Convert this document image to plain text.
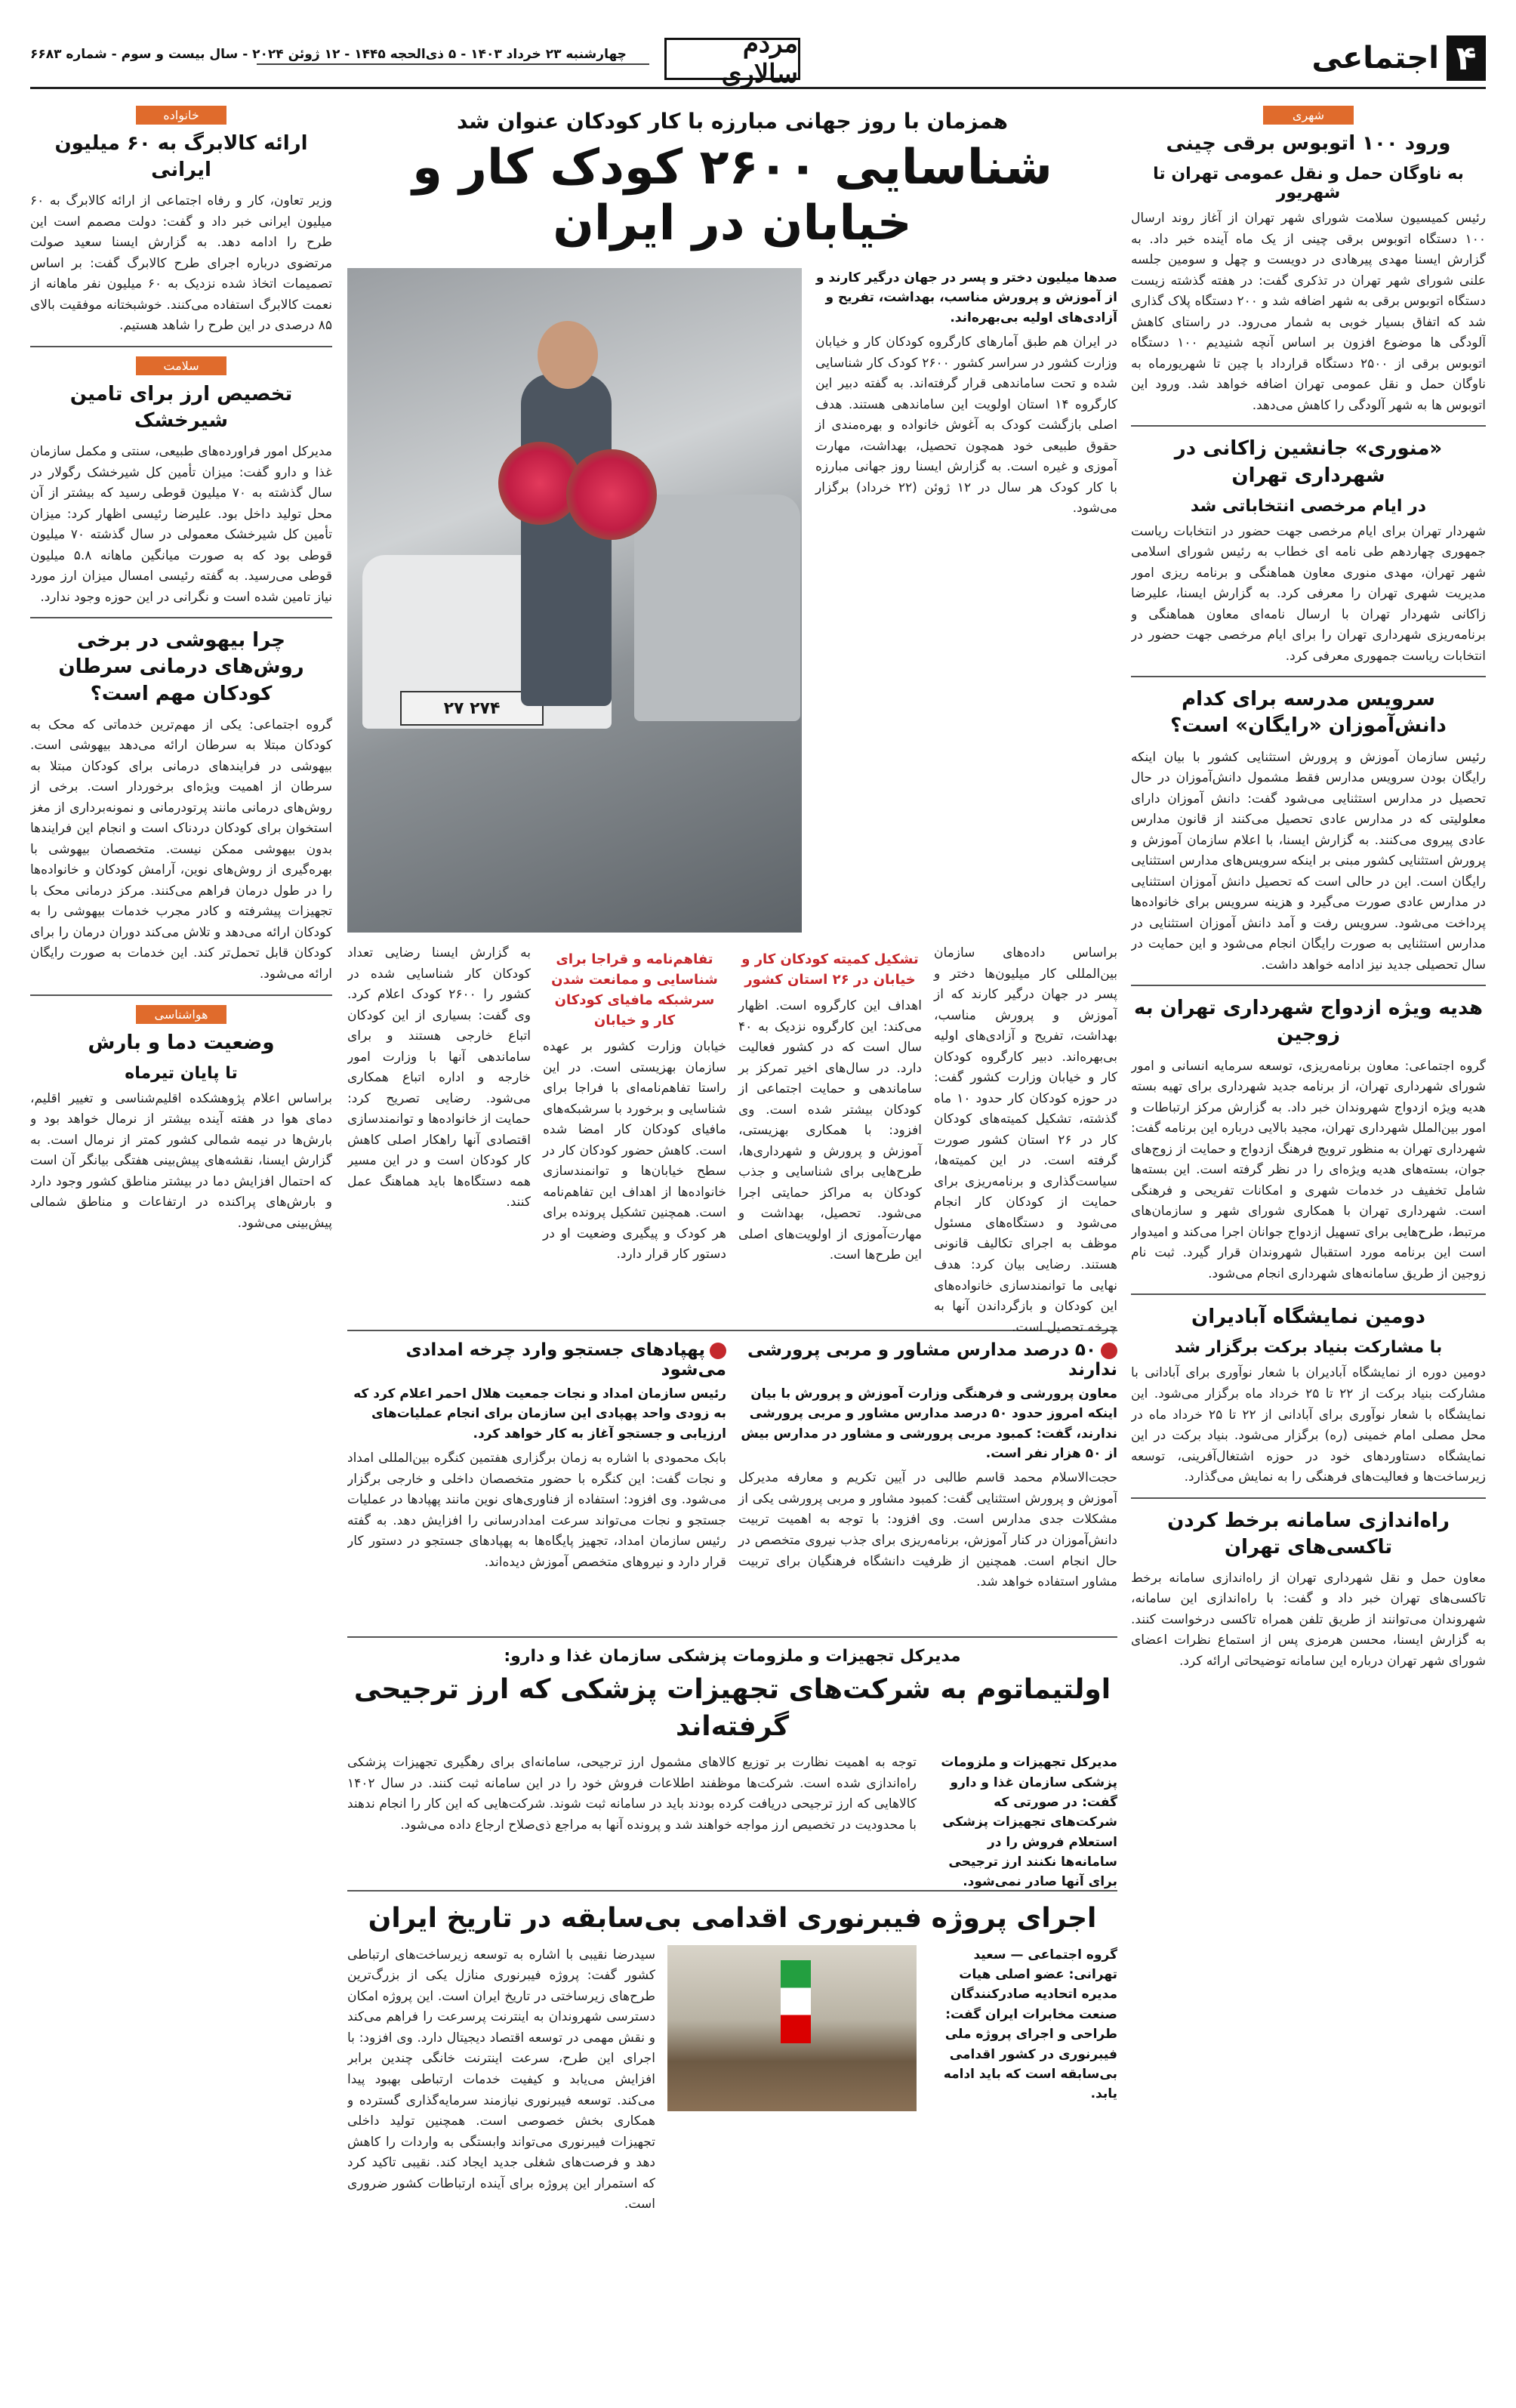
۴
اجتماعی
مردم سالاری
چهارشنبه ۲۳ خرداد ۱۴۰۳ - ۵ ذی‌الحجه ۱۴۴۵ - ۱۲ ژوئن ۲۰۲۴ - سال بیست و سوم - شماره ۶۶۸۳
شهری
ورود ۱۰۰ اتوبوس برقی چینی
به ناوگان حمل و نقل عمومی تهران تا شهریور
رئیس کمیسیون سلامت شورای شهر تهران از آغاز روند ارسال ۱۰۰ دستگاه اتوبوس برقی چینی از یک ماه آینده خبر داد. به گزارش ایسنا مهدی پیرهادی در دویست و چهل و سومین جلسه علنی شورای شهر تهران در تذکری گفت: در هفته گذشته زیست دستگاه اتوبوس برقی به شهر اضافه شد و ۲۰۰ دستگاه پلاک گذاری شد که اتفاق بسیار خوبی به شمار می‌رود. در راستای کاهش آلودگی ها موضوع افزون بر اساس آنچه شنیدیم ۱۰۰ دستگاه اتوبوس برقی از ۲۵۰۰ دستگاه قرارداد با چین تا شهریورماه به ناوگان حمل و نقل عمومی تهران اضافه خواهد شد. ورود این اتوبوس ها به شهر آلودگی را کاهش می‌دهد.
«منوری» جانشین زاکانی در شهرداری تهران
در ایام مرخصی انتخاباتی شد
شهردار تهران برای ایام مرخصی جهت حضور در انتخابات ریاست جمهوری چهاردهم طی نامه ای خطاب به رئیس شورای اسلامی شهر تهران، مهدی منوری معاون هماهنگی و برنامه ریزی امور مدیریت شهری تهران را معرفی کرد. به گزارش ایسنا، علیرضا زاکانی شهردار تهران با ارسال نامه‌ای معاون هماهنگی و برنامه‌ریزی شهرداری تهران را برای ایام مرخصی جهت حضور در انتخابات ریاست جمهوری معرفی کرد.
سرویس مدرسه برای کدام دانش‌آموزان «رایگان» است؟
رئیس سازمان آموزش و پرورش استثنایی کشور با بیان اینکه رایگان بودن سرویس مدارس فقط مشمول دانش‌آموزان در حال تحصیل در مدارس استثنایی می‌شود گفت: دانش آموزان دارای معلولیتی که در مدارس عادی تحصیل می‌کنند از قانون مدارس عادی پیروی می‌کنند. به گزارش ایسنا، با اعلام سازمان آموزش و پرورش استثنایی کشور مبنی بر اینکه سرویس‌های مدارس استثنایی رایگان است. این در حالی است که تحصیل دانش آموزان استثنایی در مدارس عادی صورت می‌گیرد و هزینه سرویس برای خانواده‌ها پرداخت می‌شود. سرویس رفت و آمد دانش آموزان استثنایی در مدارس استثنایی به صورت رایگان انجام می‌شود و این حمایت در سال تحصیلی جدید نیز ادامه خواهد داشت.
هدیه ویژه ازدواج شهرداری تهران به زوجین
گروه اجتماعی: معاون برنامه‌ریزی، توسعه سرمایه انسانی و امور شورای شهرداری تهران، از برنامه جدید شهرداری برای تهیه بسته هدیه ویژه ازدواج شهروندان خبر داد. به گزارش مرکز ارتباطات و امور بین‌الملل شهرداری تهران، مجید بالایی درباره این برنامه گفت: شهرداری تهران به منظور ترویج فرهنگ ازدواج و حمایت از زوج‌های جوان، بسته‌های هدیه ویژه‌ای را در نظر گرفته است. این بسته‌ها شامل تخفیف در خدمات شهری و امکانات تفریحی و فرهنگی است. شهرداری تهران با همکاری شورای شهر و سازمان‌های مرتبط، طرح‌هایی برای تسهیل ازدواج جوانان اجرا می‌کند و امیدوار است این برنامه مورد استقبال شهروندان قرار گیرد. ثبت نام زوجین از طریق سامانه‌های شهرداری انجام می‌شود.
دومین نمایشگاه آبادیران
با مشارکت بنیاد برکت برگزار شد
دومین دوره از نمایشگاه آبادیران با شعار نوآوری برای آبادانی با مشارکت بنیاد برکت از ۲۲ تا ۲۵ خرداد ماه برگزار می‌شود. این نمایشگاه با شعار نوآوری برای آبادانی از ۲۲ تا ۲۵ خرداد ماه در محل مصلی امام خمینی (ره) برگزار می‌شود. بنیاد برکت در این نمایشگاه دستاوردهای خود در حوزه اشتغال‌آفرینی، توسعه زیرساخت‌ها و فعالیت‌های فرهنگی را به نمایش می‌گذارد.
راه‌اندازی سامانه برخط کردن تاکسی‌های تهران
معاون حمل و نقل شهرداری تهران از راه‌اندازی سامانه برخط تاکسی‌های تهران خبر داد و گفت: با راه‌اندازی این سامانه، شهروندان می‌توانند از طریق تلفن همراه تاکسی درخواست کنند. به گزارش ایسنا، محسن هرمزی پس از استماع نظرات اعضای شورای شهر تهران درباره این سامانه توضیحاتی ارائه کرد.
خانواده
ارائه کالابرگ به ۶۰ میلیون ایرانی
وزیر تعاون، کار و رفاه اجتماعی از ارائه کالابرگ به ۶۰ میلیون ایرانی خبر داد و گفت: دولت مصمم است این طرح را ادامه دهد. به گزارش ایسنا سعید صولت مرتضوی درباره اجرای طرح کالابرگ گفت: بر اساس تصمیمات اتخاذ شده نزدیک به ۶۰ میلیون نفر ماهانه از نعمت کالابرگ استفاده می‌کنند. خوشبختانه موفقیت بالای ۸۵ درصدی در این طرح را شاهد هستیم.
سلامت
تخصیص ارز برای تامین شیرخشک
مدیرکل امور فراورده‌های طبیعی، سنتی و مکمل سازمان غذا و دارو گفت: میزان تأمین کل شیرخشک رگولار در سال گذشته به ۷۰ میلیون قوطی رسید که بیشتر از آن محل تولید داخل بود. علیرضا رئیسی اظهار کرد: میزان تأمین کل شیرخشک معمولی در سال گذشته ۷۰ میلیون قوطی بود که به صورت میانگین ماهانه ۵.۸ میلیون قوطی می‌رسید. به گفته رئیسی امسال میزان ارز مورد نیاز تامین شده است و نگرانی در این حوزه وجود ندارد.
چرا بیهوشی در برخی روش‌های درمانی سرطان کودکان مهم است؟
گروه اجتماعی: یکی از مهم‌ترین خدماتی که محک به کودکان مبتلا به سرطان ارائه می‌دهد بیهوشی است. بیهوشی در فرایندهای درمانی برای کودکان مبتلا به سرطان از اهمیت ویژه‌ای برخوردار است. برخی از روش‌های درمانی مانند پرتودرمانی و نمونه‌برداری از مغز استخوان برای کودکان دردناک است و انجام این فرایندها بدون بیهوشی ممکن نیست. متخصصان بیهوشی با بهره‌گیری از روش‌های نوین، آرامش کودکان و خانواده‌ها را در طول درمان فراهم می‌کنند. مرکز درمانی محک با تجهیزات پیشرفته و کادر مجرب خدمات بیهوشی را به کودکان ارائه می‌دهد و تلاش می‌کند دوران درمان را برای کودکان قابل تحمل‌تر کند. این خدمات به صورت رایگان ارائه می‌شود.
هواشناسی
وضعیت دما و بارش
تا پایان تیرماه
براساس اعلام پژوهشکده اقلیم‌شناسی و تغییر اقلیم، دمای هوا در هفته آینده بیشتر از نرمال خواهد بود و بارش‌ها در نیمه شمالی کشور کمتر از نرمال است. به گزارش ایسنا، نقشه‌های پیش‌بینی هفتگی بیانگر آن است که احتمال افزایش دما در بیشتر مناطق کشور وجود دارد و بارش‌های پراکنده در ارتفاعات و مناطق شمالی پیش‌بینی می‌شود.
همزمان با روز جهانی مبارزه با کار کودکان عنوان شد
شناسایی ۲۶۰۰ کودک کار و خیابان در ایران
صدها میلیون دختر و پسر در جهان درگیر کارند و از آموزش و پرورش مناسب، بهداشت، تفریح و آزادی‌های اولیه بی‌بهره‌اند.
در ایران هم طبق آمارهای کارگروه کودکان کار و خیابان وزارت کشور در سراسر کشور ۲۶۰۰ کودک کار شناسایی شده و تحت ساماندهی قرار گرفته‌اند. به گفته دبیر این کارگروه ۱۴ استان اولویت این ساماندهی هستند. هدف اصلی بازگشت کودک به آغوش خانواده و بهره‌مندی از حقوق طبیعی خود همچون تحصیل، بهداشت، مهارت آموزی و غیره است. به گزارش ایسنا روز جهانی مبارزه با کار کودک هر سال در ۱۲ ژوئن (۲۲ خرداد) برگزار می‌شود.
۲۷۴ ۲۷
براساس داده‌های سازمان بین‌المللی کار میلیون‌ها دختر و پسر در جهان درگیر کارند که از آموزش و پرورش مناسب، بهداشت، تفریح و آزادی‌های اولیه بی‌بهره‌اند. دبیر کارگروه کودکان کار و خیابان وزارت کشور گفت: در حوزه کودکان کار حدود ۱۰ ماه گذشته، تشکیل کمیته‌های کودکان کار در ۲۶ استان کشور صورت گرفته است. در این کمیته‌ها، سیاست‌گذاری و برنامه‌ریزی برای حمایت از کودکان کار انجام می‌شود و دستگاه‌های مسئول موظف به اجرای تکالیف قانونی هستند. رضایی بیان کرد: هدف نهایی ما توانمندسازی خانواده‌های این کودکان و بازگرداندن آنها به چرخه تحصیل است.
تشکیل کمیته کودکان کار و خیابان در ۲۶ استان کشور
اهداف این کارگروه است. اظهار می‌کند: این کارگروه نزدیک به ۴۰ سال است که در کشور فعالیت دارد. در سال‌های اخیر تمرکز بر ساماندهی و حمایت اجتماعی از کودکان بیشتر شده است. وی افزود: با همکاری بهزیستی، آموزش و پرورش و شهرداری‌ها، طرح‌هایی برای شناسایی و جذب کودکان به مراکز حمایتی اجرا می‌شود. تحصیل، بهداشت و مهارت‌آموزی از اولویت‌های اصلی این طرح‌ها است.
تفاهم‌نامه و قراجا برای شناسایی و ممانعت شدن سرشبکه مافیای کودکان کار و خیابان
خیابان وزارت کشور بر عهده سازمان بهزیستی است. در این راستا تفاهم‌نامه‌ای با فراجا برای شناسایی و برخورد با سرشبکه‌های مافیای کودکان کار امضا شده است. کاهش حضور کودکان کار در سطح خیابان‌ها و توانمندسازی خانواده‌ها از اهداف این تفاهم‌نامه است. همچنین تشکیل پرونده برای هر کودک و پیگیری وضعیت او در دستور کار قرار دارد.
به گزارش ایسنا رضایی تعداد کودکان کار شناسایی شده در کشور را ۲۶۰۰ کودک اعلام کرد. وی گفت: بسیاری از این کودکان اتباع خارجی هستند و برای ساماندهی آنها با وزارت امور خارجه و اداره اتباع همکاری می‌شود. رضایی تصریح کرد: حمایت از خانواده‌ها و توانمندسازی اقتصادی آنها راهکار اصلی کاهش کار کودکان است و در این مسیر همه دستگاه‌ها باید هماهنگ عمل کنند.
۵۰ درصد مدارس مشاور و مربی پرورشی ندارند
معاون پرورشی و فرهنگی وزارت آموزش و پرورش با بیان اینکه امروز حدود ۵۰ درصد مدارس مشاور و مربی پرورشی ندارند، گفت: کمبود مربی پرورشی و مشاور در مدارس بیش از ۵۰ هزار نفر است.
حجت‌الاسلام محمد قاسم طالبی در آیین تکریم و معارفه مدیرکل آموزش و پرورش استثنایی گفت: کمبود مشاور و مربی پرورشی یکی از مشکلات جدی مدارس است. وی افزود: با توجه به اهمیت تربیت دانش‌آموزان در کنار آموزش، برنامه‌ریزی برای جذب نیروی متخصص در حال انجام است. همچنین از ظرفیت دانشگاه فرهنگیان برای تربیت مشاور استفاده خواهد شد.
پهپادهای جستجو وارد چرخه امدادی می‌شود
رئیس سازمان امداد و نجات جمعیت هلال احمر اعلام کرد که به زودی واحد پهپادی این سازمان برای انجام عملیات‌های ارزیابی و جستجو آغاز به کار خواهد کرد.
بابک محمودی با اشاره به زمان برگزاری هفتمین کنگره بین‌المللی امداد و نجات گفت: این کنگره با حضور متخصصان داخلی و خارجی برگزار می‌شود. وی افزود: استفاده از فناوری‌های نوین مانند پهپادها در عملیات جستجو و نجات می‌تواند سرعت امدادرسانی را افزایش دهد. به گفته رئیس سازمان امداد، تجهیز پایگاه‌ها به پهپادهای جستجو در دستور کار قرار دارد و نیروهای متخصص آموزش دیده‌اند.
مدیرکل تجهیزات و ملزومات پزشکی سازمان غذا و دارو:
اولتیماتوم به شرکت‌های تجهیزات پزشکی که ارز ترجیحی گرفته‌اند
مدیرکل تجهیزات و ملزومات پزشکی سازمان غذا و دارو گفت: در صورتی که شرکت‌های تجهیزات پزشکی استعلام فروش را در سامانه‌ها نکنند ارز ترجیحی برای آنها صادر نمی‌شود.
توجه به اهمیت نظارت بر توزیع کالاهای مشمول ارز ترجیحی، سامانه‌ای برای رهگیری تجهیزات پزشکی راه‌اندازی شده است. شرکت‌ها موظفند اطلاعات فروش خود را در این سامانه ثبت کنند. در سال ۱۴۰۲ کالاهایی که ارز ترجیحی دریافت کرده بودند باید در سامانه ثبت شوند. شرکت‌هایی که این کار را انجام ندهند با محدودیت در تخصیص ارز مواجه خواهند شد و پرونده آنها به مراجع ذی‌صلاح ارجاع داده می‌شود.
اجرای پروژه فیبرنوری اقدامی بی‌سابقه در تاریخ ایران
گروه اجتماعی — سعید تهرانی: عضو اصلی هیات مدیره اتحادیه صادرکنندگان صنعت مخابرات ایران گفت: طراحی و اجرای پروژه ملی فیبرنوری در کشور اقدامی بی‌سابقه است که باید ادامه یابد.
سیدرضا نقیبی با اشاره به توسعه زیرساخت‌های ارتباطی کشور گفت: پروژه فیبرنوری منازل یکی از بزرگ‌ترین طرح‌های زیرساختی در تاریخ ایران است. این پروژه امکان دسترسی شهروندان به اینترنت پرسرعت را فراهم می‌کند و نقش مهمی در توسعه اقتصاد دیجیتال دارد. وی افزود: با اجرای این طرح، سرعت اینترنت خانگی چندین برابر افزایش می‌یابد و کیفیت خدمات ارتباطی بهبود پیدا می‌کند. توسعه فیبرنوری نیازمند سرمایه‌گذاری گسترده و همکاری بخش خصوصی است. همچنین تولید داخلی تجهیزات فیبرنوری می‌تواند وابستگی به واردات را کاهش دهد و فرصت‌های شغلی جدید ایجاد کند. نقیبی تاکید کرد که استمرار این پروژه برای آینده ارتباطات کشور ضروری است.
